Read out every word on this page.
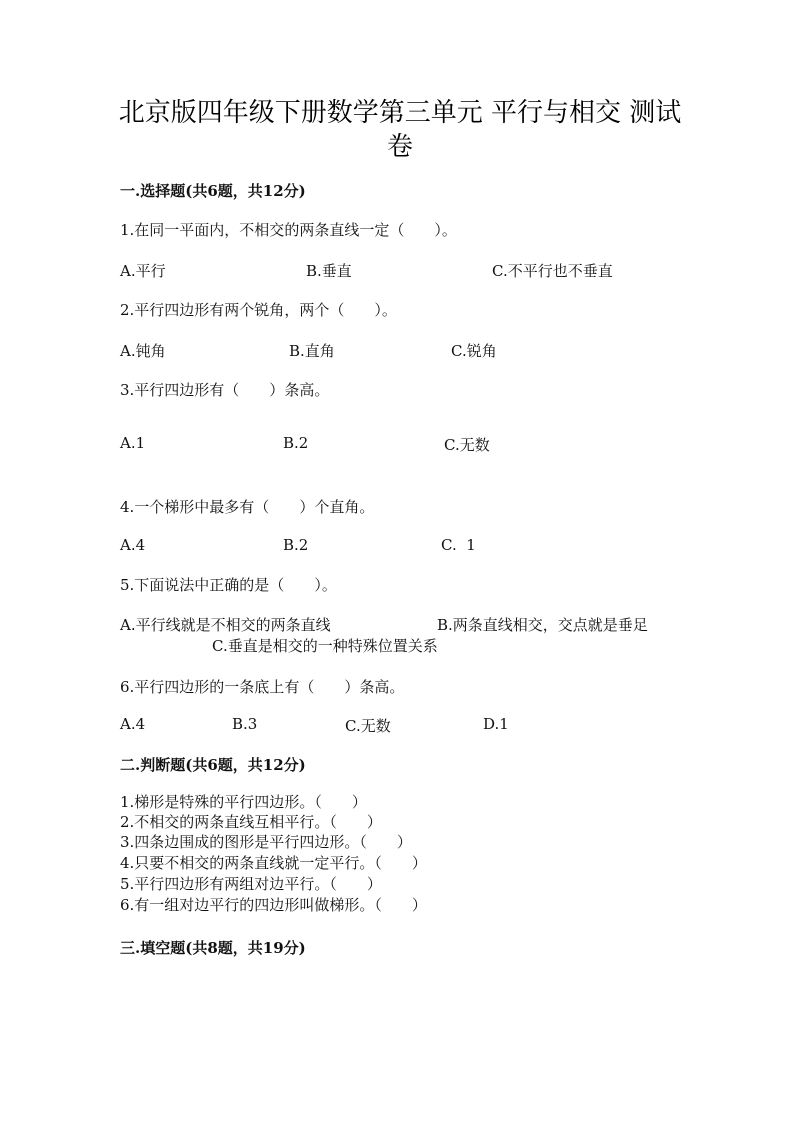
北京版四年级下册数学第三单元 平行与相交 测试
卷
一.选择题(共6题，共12分)
1.在同一平面内，不相交的两条直线一定（　　）。
A.平行	B.垂直	C.不平行也不垂直
2.平行四边形有两个锐角，两个（　　）。
A.钝角	B.直角	C.锐角
3.平行四边形有（　　）条高。
A.1	B.2	C.无数
4.一个梯形中最多有（　　）个直角。
A.4	B.2	C.  1
5.下面说法中正确的是（　　）。
A.平行线就是不相交的两条直线	B.两条直线相交，交点就是垂足
C.垂直是相交的一种特殊位置关系
6.平行四边形的一条底上有（　　）条高。
A.4	B.3	C.无数	D.1
二.判断题(共6题，共12分)
1.梯形是特殊的平行四边形。（　　）
2.不相交的两条直线互相平行。（　　）
3.四条边围成的图形是平行四边形。（　　）
4.只要不相交的两条直线就一定平行。（　　）
5.平行四边形有两组对边平行。（　　）
6.有一组对边平行的四边形叫做梯形。（　　）
三.填空题(共8题，共19分)
